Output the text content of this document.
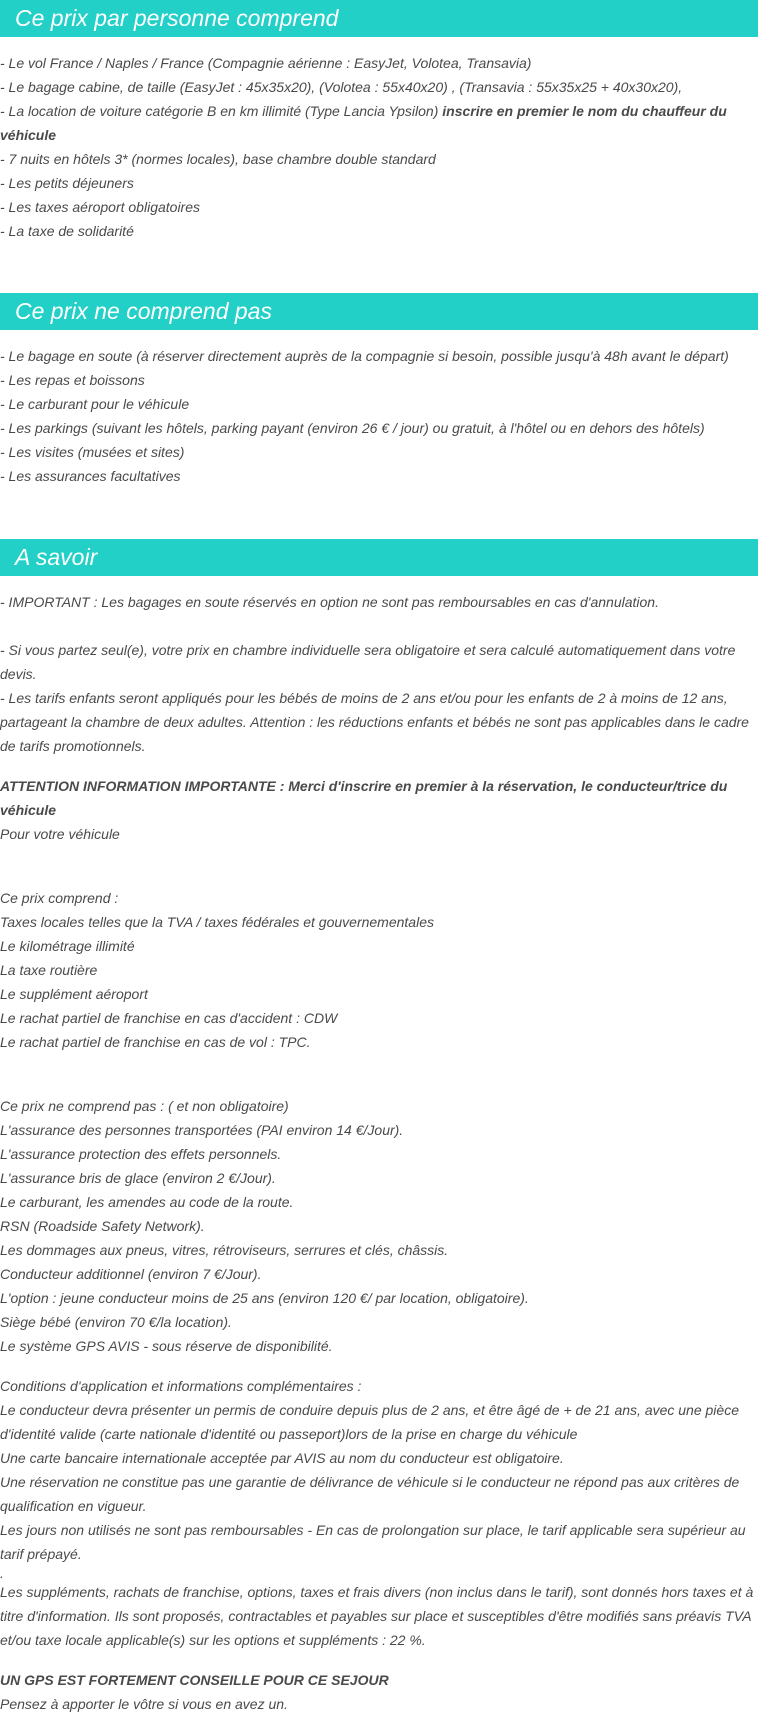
Ce prix par personne comprend
- Le vol France / Naples / France (Compagnie aérienne : EasyJet, Volotea, Transavia)
- Le bagage cabine, de taille (EasyJet : 45x35x20), (Volotea : 55x40x20) , (Transavia : 55x35x25 + 40x30x20),
- La location de voiture catégorie B en km illimité (Type Lancia Ypsilon) inscrire en premier le nom du chauffeur du véhicule
- 7 nuits en hôtels 3* (normes locales), base chambre double standard
- Les petits déjeuners
- Les taxes aéroport obligatoires
- La taxe de solidarité
Ce prix ne comprend pas
- Le bagage en soute (à réserver directement auprès de la compagnie si besoin, possible jusqu'à 48h avant le départ)
- Les repas et boissons
- Le carburant pour le véhicule
- Les parkings (suivant les hôtels, parking payant (environ 26 € / jour) ou gratuit, à l'hôtel ou en dehors des hôtels)
- Les visites (musées et sites)
- Les assurances facultatives
A savoir
- IMPORTANT : Les bagages en soute réservés en option ne sont pas remboursables en cas d'annulation.
- Si vous partez seul(e), votre prix en chambre individuelle sera obligatoire et sera calculé automatiquement dans votre devis.
- Les tarifs enfants seront appliqués pour les bébés de moins de 2 ans et/ou pour les enfants de 2 à moins de 12 ans, partageant la chambre de deux adultes. Attention : les réductions enfants et bébés ne sont pas applicables dans le cadre de tarifs promotionnels.
ATTENTION INFORMATION IMPORTANTE : Merci d'inscrire en premier à la réservation, le conducteur/trice du véhicule
Pour votre véhicule
Ce prix comprend :
Taxes locales telles que la TVA / taxes fédérales et gouvernementales
Le kilométrage illimité
La taxe routière
Le supplément aéroport
Le rachat partiel de franchise en cas d'accident : CDW
Le rachat partiel de franchise en cas de vol : TPC.
Ce prix ne comprend pas : ( et non obligatoire)
L'assurance des personnes transportées (PAI environ 14 €/Jour).
L'assurance protection des effets personnels.
L'assurance bris de glace (environ 2 €/Jour).
Le carburant, les amendes au code de la route.
RSN (Roadside Safety Network).
Les dommages aux pneus, vitres, rétroviseurs, serrures et clés, châssis.
Conducteur additionnel (environ 7 €/Jour).
L'option : jeune conducteur moins de 25 ans (environ 120 €/ par location, obligatoire).
Siège bébé (environ 70 €/la location).
Le système GPS AVIS - sous réserve de disponibilité.
Conditions d'application et informations complémentaires :
Le conducteur devra présenter un permis de conduire depuis plus de 2 ans, et être âgé de + de 21 ans, avec une pièce d'identité valide (carte nationale d'identité ou passeport)lors de la prise en charge du véhicule
Une carte bancaire internationale acceptée par AVIS au nom du conducteur est obligatoire.
Une réservation ne constitue pas une garantie de délivrance de véhicule si le conducteur ne répond pas aux critères de qualification en vigueur.
Les jours non utilisés ne sont pas remboursables - En cas de prolongation sur place, le tarif applicable sera supérieur au tarif prépayé.
.
Les suppléments, rachats de franchise, options, taxes et frais divers (non inclus dans le tarif), sont donnés hors taxes et à titre d'information. Ils sont proposés, contractables et payables sur place et susceptibles d'être modifiés sans préavis TVA et/ou taxe locale applicable(s) sur les options et suppléments : 22 %.
UN GPS EST FORTEMENT CONSEILLE POUR CE SEJOUR
Pensez à apporter le vôtre si vous en avez un.
